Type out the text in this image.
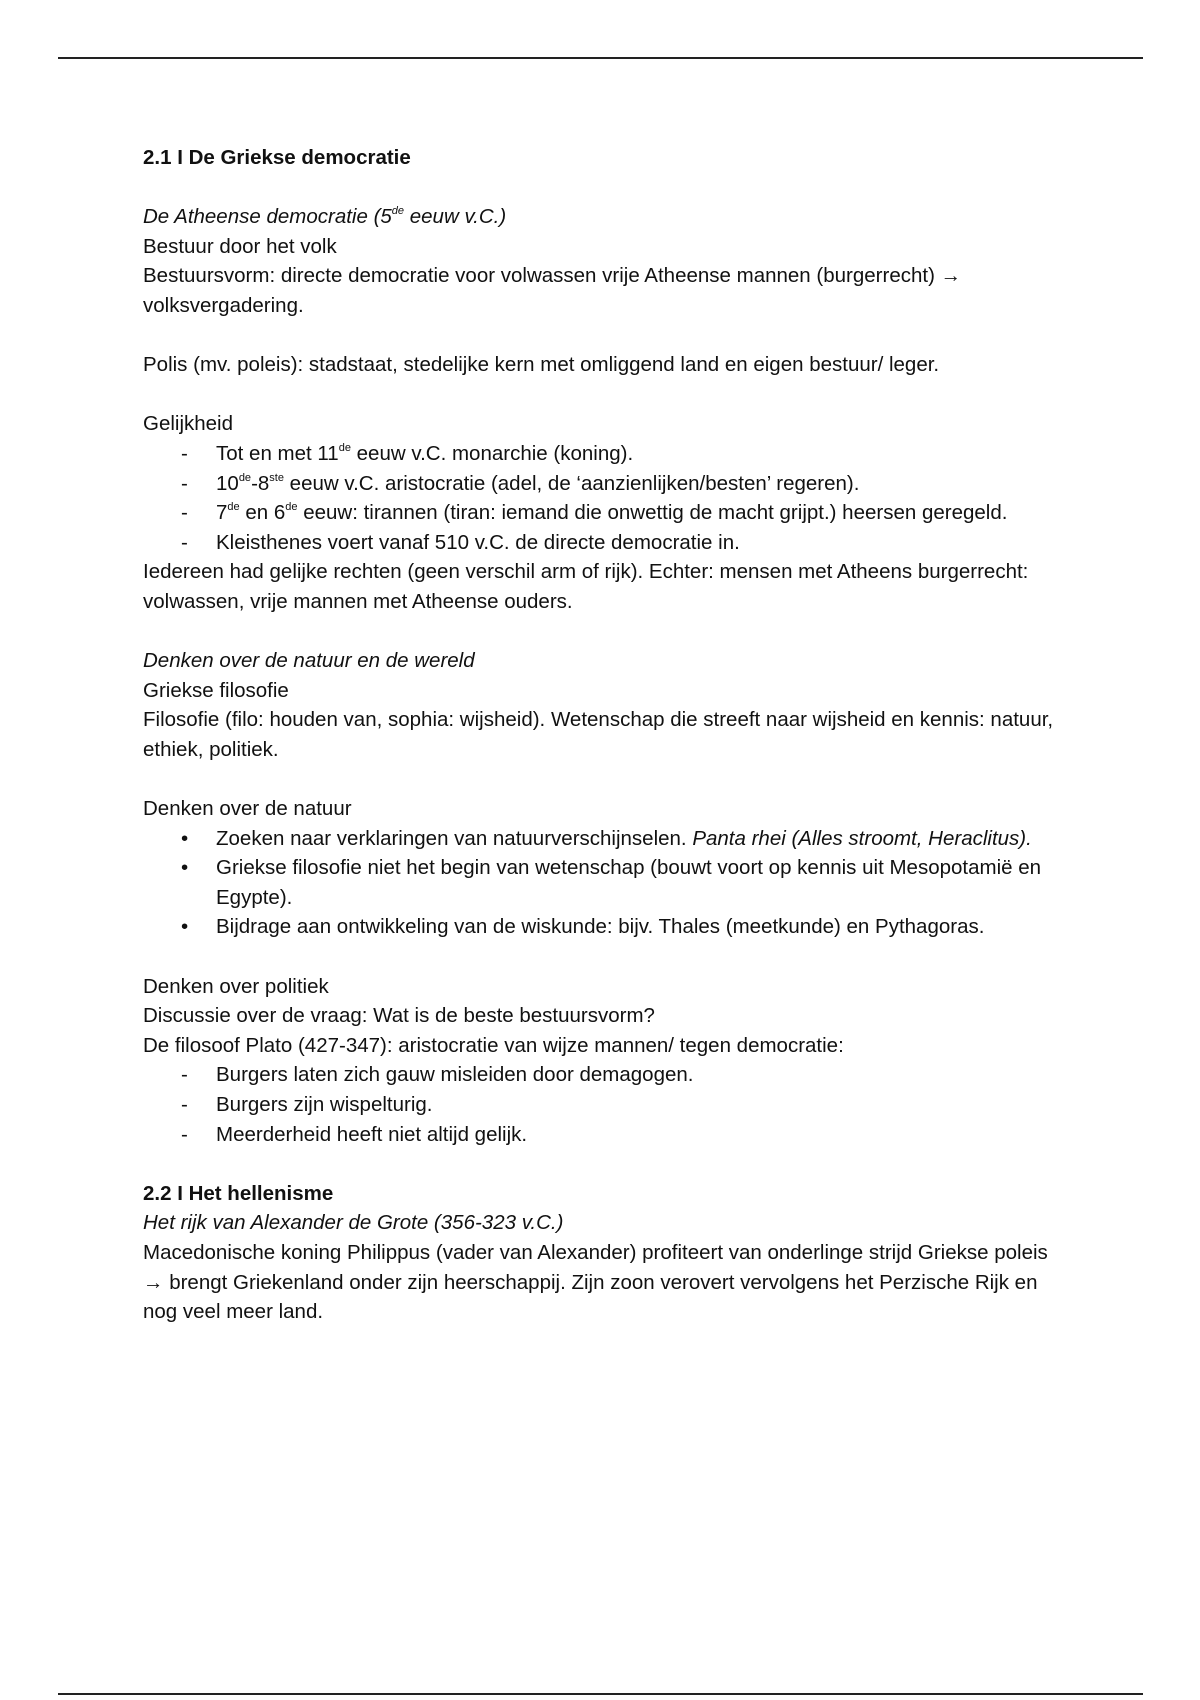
2.1 I De Griekse democratie

De Atheense democratie (5de eeuw v.C.)

Bestuur door het volk

Bestuursvorm: directe democratie voor volwassen vrije Atheense mannen (burgerrecht) → volksvergadering.

Polis (mv. poleis): stadstaat, stedelijke kern met omliggend land en eigen bestuur/ leger.

Gelijkheid

- Tot en met 11de eeuw v.C. monarchie (koning).
- 10de-8ste eeuw v.C. aristocratie (adel, de ‘aanzienlijken/besten’ regeren).
- 7de en 6de eeuw: tirannen (tiran: iemand die onwettig de macht grijpt.) heersen geregeld.
- Kleisthenes voert vanaf 510 v.C. de directe democratie in.

Iedereen had gelijke rechten (geen verschil arm of rijk). Echter: mensen met Atheens burgerrecht: volwassen, vrije mannen met Atheense ouders.

Denken over de natuur en de wereld

Griekse filosofie

Filosofie (filo: houden van, sophia: wijsheid). Wetenschap die streeft naar wijsheid en kennis: natuur, ethiek, politiek.

Denken over de natuur

• Zoeken naar verklaringen van natuurverschijnselen. Panta rhei (Alles stroomt, Heraclitus).
• Griekse filosofie niet het begin van wetenschap (bouwt voort op kennis uit Mesopotamië en Egypte).
• Bijdrage aan ontwikkeling van de wiskunde: bijv. Thales (meetkunde) en Pythagoras.

Denken over politiek

Discussie over de vraag: Wat is de beste bestuursvorm?

De filosoof Plato (427-347): aristocratie van wijze mannen/ tegen democratie:

- Burgers laten zich gauw misleiden door demagogen.
- Burgers zijn wispelturig.
- Meerderheid heeft niet altijd gelijk.

2.2 I Het hellenisme

Het rijk van Alexander de Grote (356-323 v.C.)

Macedonische koning Philippus (vader van Alexander) profiteert van onderlinge strijd Griekse poleis → brengt Griekenland onder zijn heerschappij. Zijn zoon verovert vervolgens het Perzische Rijk en nog veel meer land.
